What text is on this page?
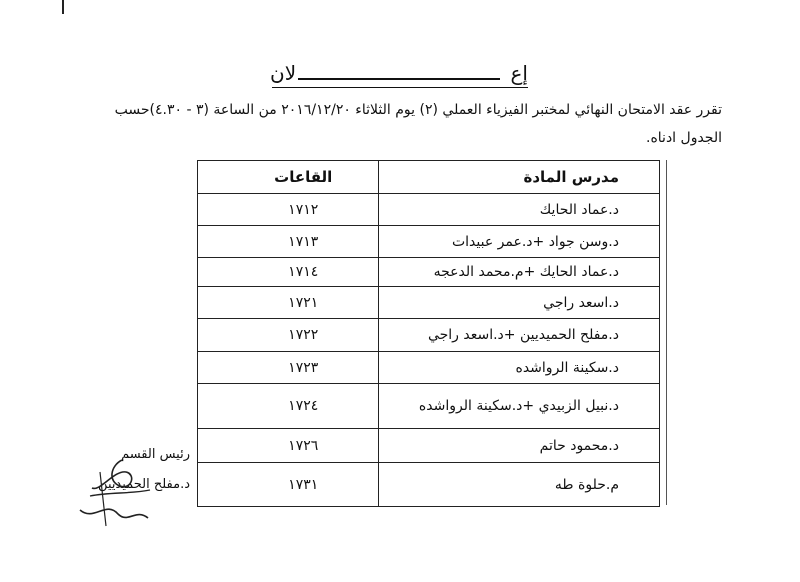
إع
لان
تقرر عقد الامتحان النهائي لمختبر الفيزياء العملي (٢) يوم الثلاثاء ٢٠١٦/١٢/٢٠ من الساعة (٣ - ٤.٣٠)حسب
الجدول ادناه.
مدرس المادة	القاعات
د.عماد الحايك	١٧١٢
د.وسن جواد +د.عمر عبيدات	١٧١٣
د.عماد الحايك +م.محمد الدعجه	١٧١٤
د.اسعد راجي	١٧٢١
د.مفلح الحميديين +د.اسعد راجي	١٧٢٢
د.سكينة الرواشده	١٧٢٣
د.نبيل الزبيدي +د.سكينة الرواشده	١٧٢٤
د.محمود حاتم	١٧٢٦
م.حلوة طه	١٧٣١
رئيس القسم
د.مفلح الحميديين
